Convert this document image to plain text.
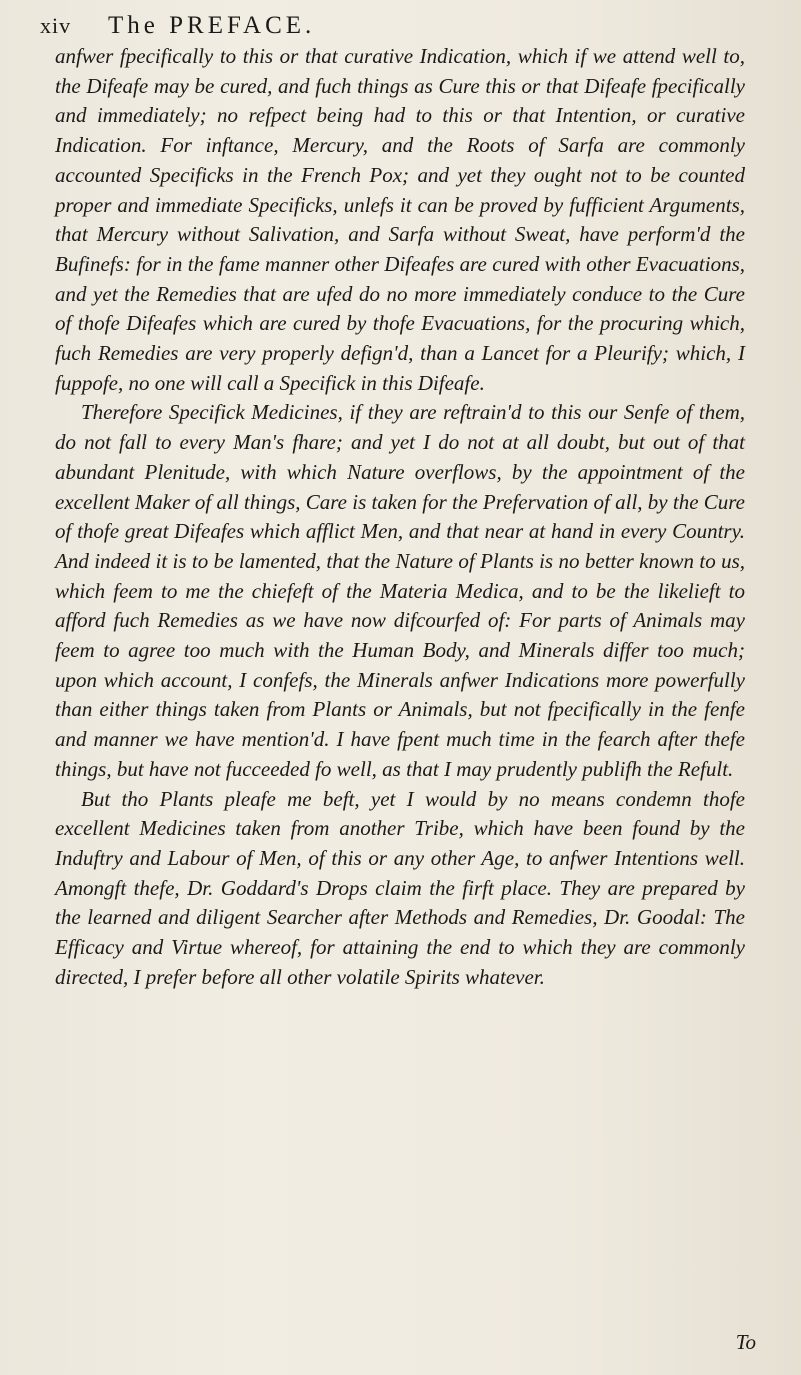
xiv The PREFACE.

anfwer fpecifically to this or that curative Indication, which if we attend well to, the Difeafe may be cured, and fuch things as Cure this or that Difeafe fpecifically and immediately; no refpect being had to this or that Intention, or curative Indication. For inftance, Mercury, and the Roots of Sarfa are commonly accounted Specificks in the French Pox; and yet they ought not to be counted proper and immediate Specificks, unlefs it can be proved by fufficient Arguments, that Mercury without Salivation, and Sarfa without Sweat, have perform'd the Bufinefs: for in the fame manner other Difeafes are cured with other Evacuations, and yet the Remedies that are ufed do no more immediately conduce to the Cure of thofe Difeafes which are cured by thofe Evacuations, for the procuring which, fuch Remedies are very properly defign'd, than a Lancet for a Pleurify; which, I fuppofe, no one will call a Specifick in this Difeafe.

Therefore Specifick Medicines, if they are reftrain'd to this our Senfe of them, do not fall to every Man's fhare; and yet I do not at all doubt, but out of that abundant Plenitude, with which Nature overflows, by the appointment of the excellent Maker of all things, Care is taken for the Prefervation of all, by the Cure of thofe great Difeafes which afflict Men, and that near at hand in every Country. And indeed it is to be lamented, that the Nature of Plants is no better known to us, which feem to me the chiefeft of the Materia Medica, and to be the likelieft to afford fuch Remedies as we have now difcourfed of: For parts of Animals may feem to agree too much with the Human Body, and Minerals differ too much; upon which account, I confefs, the Minerals anfwer Indications more powerfully than either things taken from Plants or Animals, but not fpecifically in the fenfe and manner we have mention'd. I have fpent much time in the fearch after thefe things, but have not fucceeded fo well, as that I may prudently publifh the Refult.

But tho Plants pleafe me beft, yet I would by no means condemn thofe excellent Medicines taken from another Tribe, which have been found by the Induftry and Labour of Men, of this or any other Age, to anfwer Intentions well. Amongft thefe, Dr. Goddard's Drops claim the firft place. They are prepared by the learned and diligent Searcher after Methods and Remedies, Dr. Goodal: The Efficacy and Virtue whereof, for attaining the end to which they are commonly directed, I prefer before all other volatile Spirits whatever.

To
